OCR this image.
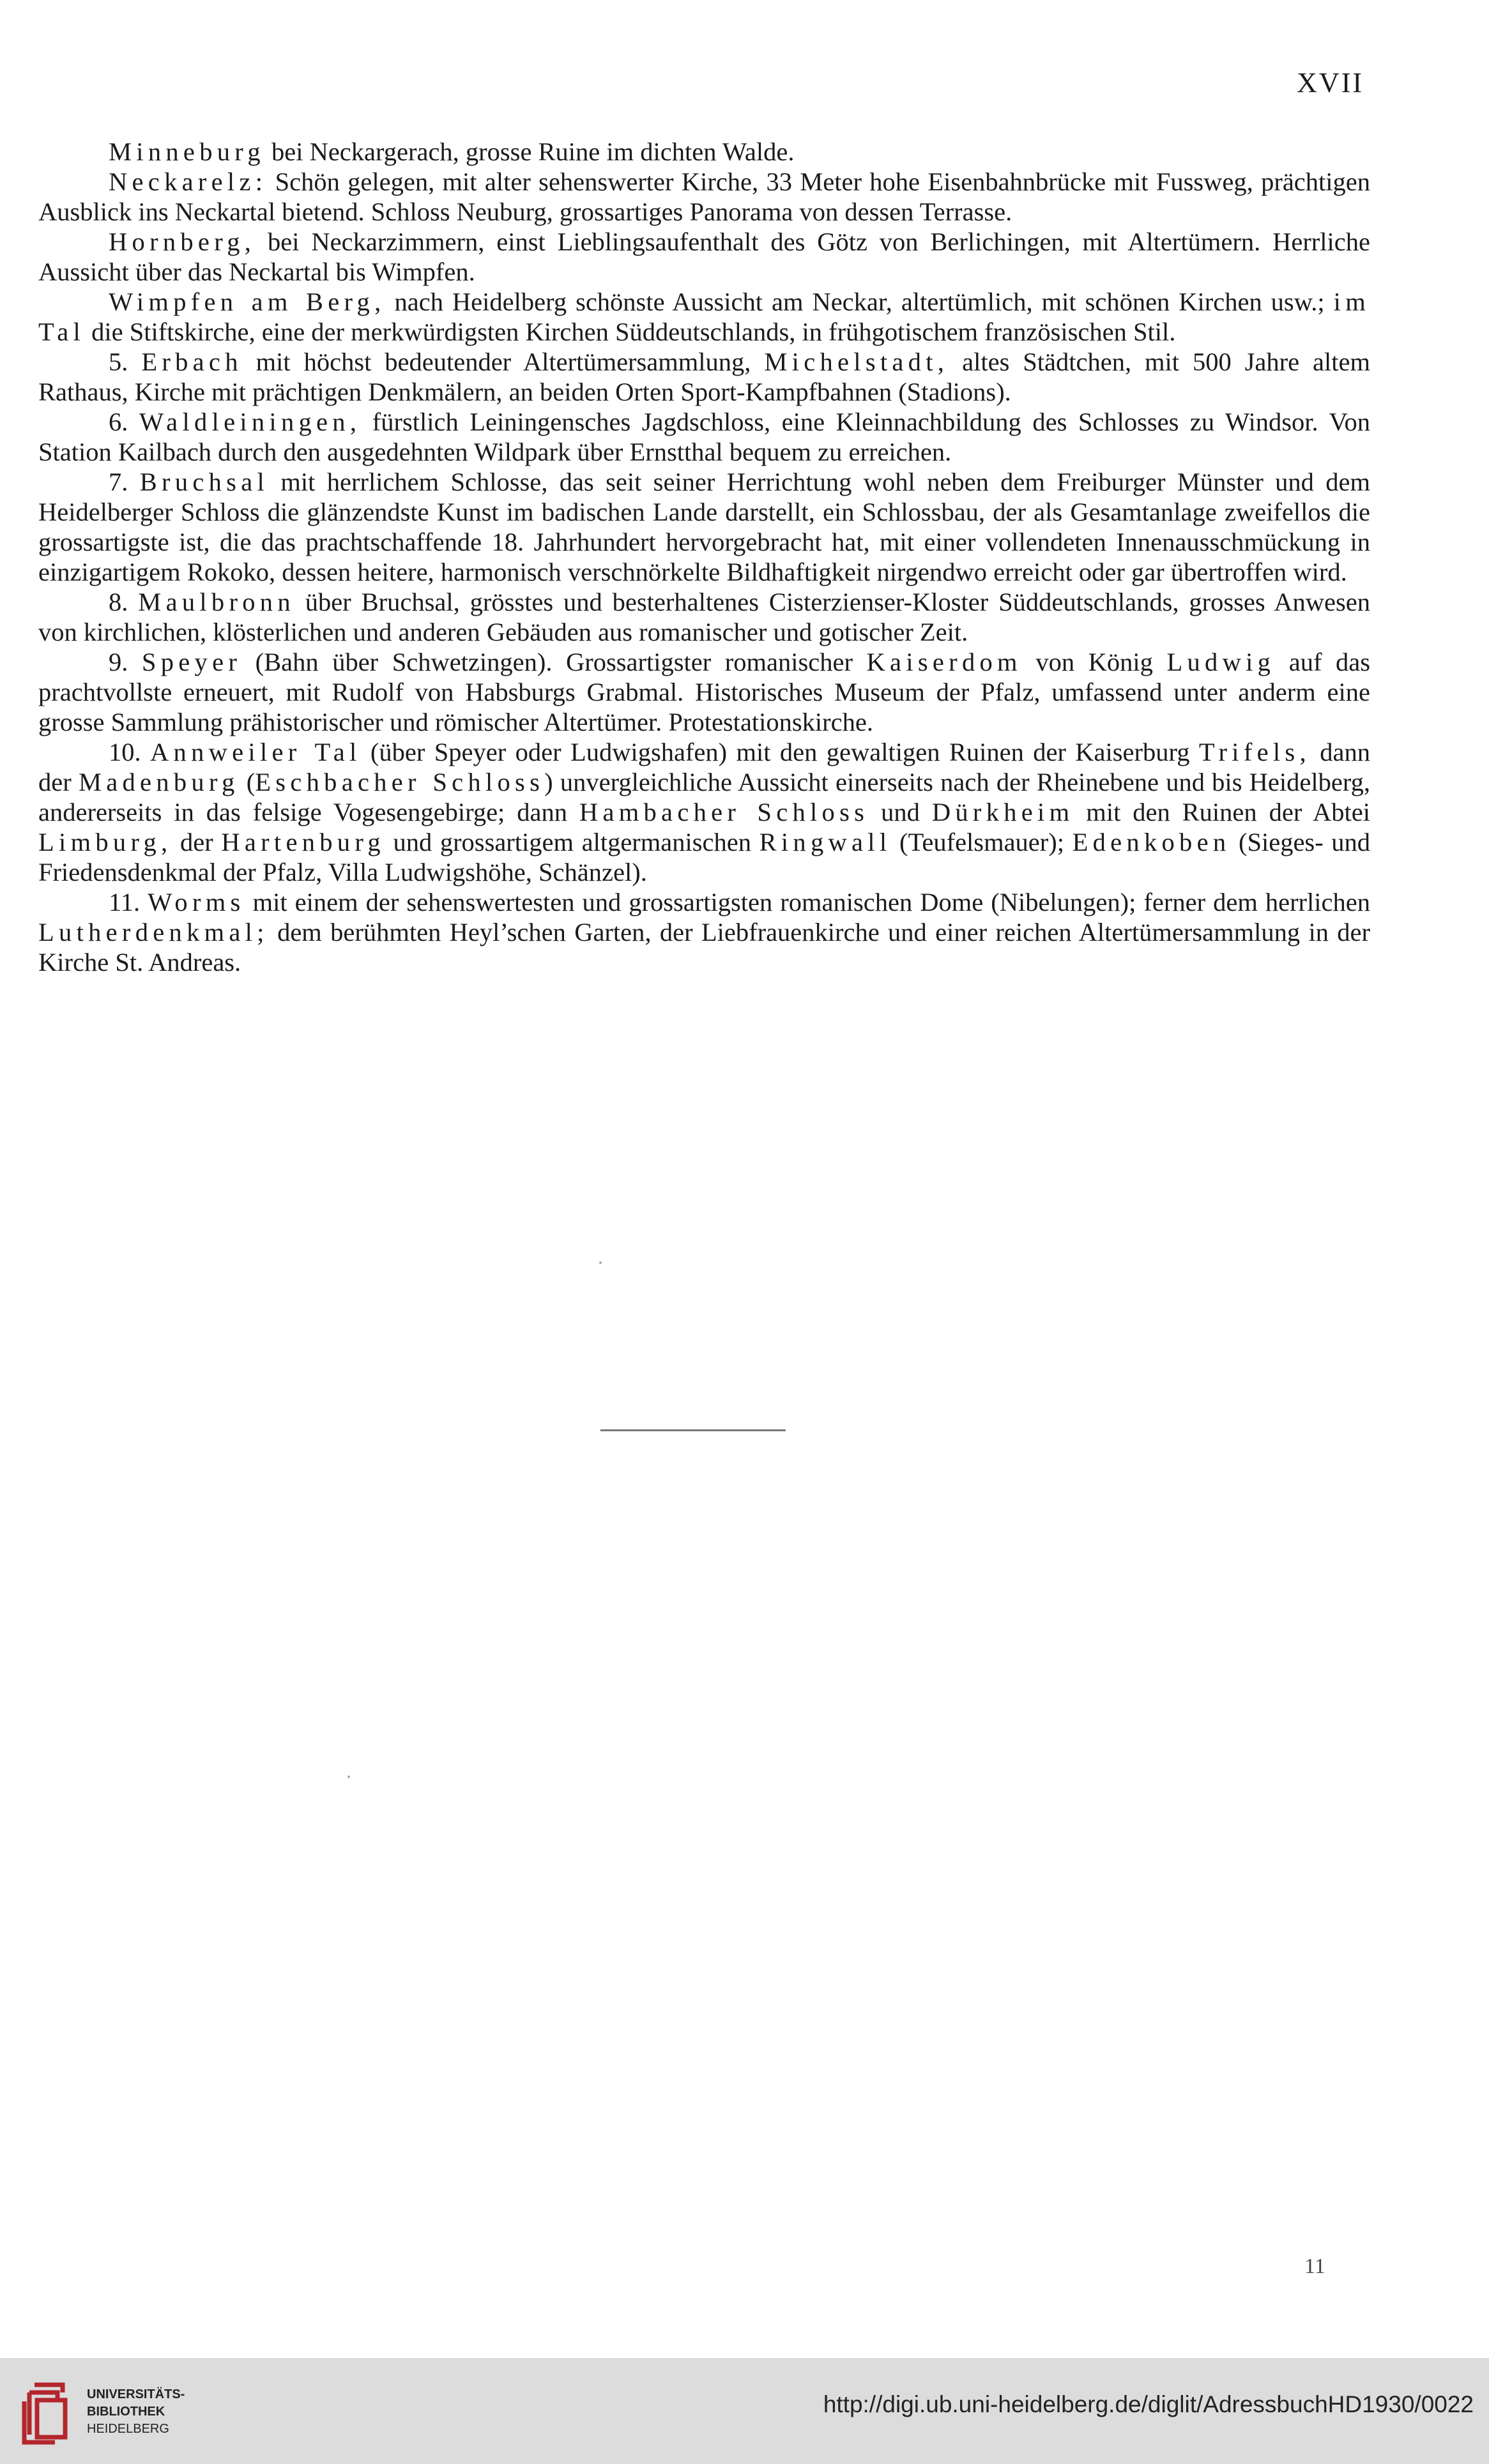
XVII

Minneburg bei Neckargerach, grosse Ruine im dichten Walde.

Neckarelz: Schön gelegen, mit alter sehenswerter Kirche, 33 Meter hohe Eisenbahnbrücke mit Fussweg, prächtigen Ausblick ins Neckartal bietend. Schloss Neuburg, grossartiges Panorama von dessen Terrasse.

Hornberg, bei Neckarzimmern, einst Lieblingsaufenthalt des Götz von Berlichingen, mit Altertümern. Herrliche Aussicht über das Neckartal bis Wimpfen.

Wimpfen am Berg, nach Heidelberg schönste Aussicht am Neckar, altertümlich, mit schönen Kirchen usw.; im Tal die Stiftskirche, eine der merkwürdigsten Kirchen Süddeutschlands, in frühgotischem französischen Stil.

5. Erbach mit höchst bedeutender Altertümersammlung, Michelstadt, altes Städtchen, mit 500 Jahre altem Rathaus, Kirche mit prächtigen Denkmälern, an beiden Orten Sport-Kampfbahnen (Stadions).

6. Waldleiningen, fürstlich Leiningensches Jagdschloss, eine Kleinnachbildung des Schlosses zu Windsor. Von Station Kailbach durch den ausgedehnten Wildpark über Ernstthal bequem zu erreichen.

7. Bruchsal mit herrlichem Schlosse, das seit seiner Herrichtung wohl neben dem Freiburger Münster und dem Heidelberger Schloss die glänzendste Kunst im badischen Lande darstellt, ein Schlossbau, der als Gesamtanlage zweifellos die grossartigste ist, die das prachtschaffende 18. Jahrhundert hervorgebracht hat, mit einer vollendeten Innenausschmückung in einzigartigem Rokoko, dessen heitere, harmonisch verschnörkelte Bildhaftigkeit nirgendwo erreicht oder gar übertroffen wird.

8. Maulbronn über Bruchsal, grösstes und besterhaltenes Cisterzienser-Kloster Süddeutschlands, grosses Anwesen von kirchlichen, klösterlichen und anderen Gebäuden aus romanischer und gotischer Zeit.

9. Speyer (Bahn über Schwetzingen). Grossartigster romanischer Kaiserdom von König Ludwig auf das prachtvollste erneuert, mit Rudolf von Habsburgs Grabmal. Historisches Museum der Pfalz, umfassend unter anderm eine grosse Sammlung prähistorischer und römischer Altertümer. Protestationskirche.

10. Annweiler Tal (über Speyer oder Ludwigshafen) mit den gewaltigen Ruinen der Kaiserburg Trifels, dann der Madenburg (Eschbacher Schloss) unvergleichliche Aussicht einerseits nach der Rheinebene und bis Heidelberg, andererseits in das felsige Vogesengebirge; dann Hambacher Schloss und Dürkheim mit den Ruinen der Abtei Limburg, der Hartenburg und grossartigem altgermanischen Ringwall (Teufelsmauer); Edenkoben (Sieges- und Friedensdenkmal der Pfalz, Villa Ludwigshöhe, Schänzel).

11. Worms mit einem der sehenswertesten und grossartigsten romanischen Dome (Nibelungen); ferner dem herrlichen Lutherdenkmal; dem berühmten Heyl’schen Garten, der Liebfrauenkirche und einer reichen Altertümersammlung in der Kirche St. Andreas.

11
UNIVERSITÄTS-
BIBLIOTHEK
HEIDELBERG
http://digi.ub.uni-heidelberg.de/diglit/AdressbuchHD1930/0022
